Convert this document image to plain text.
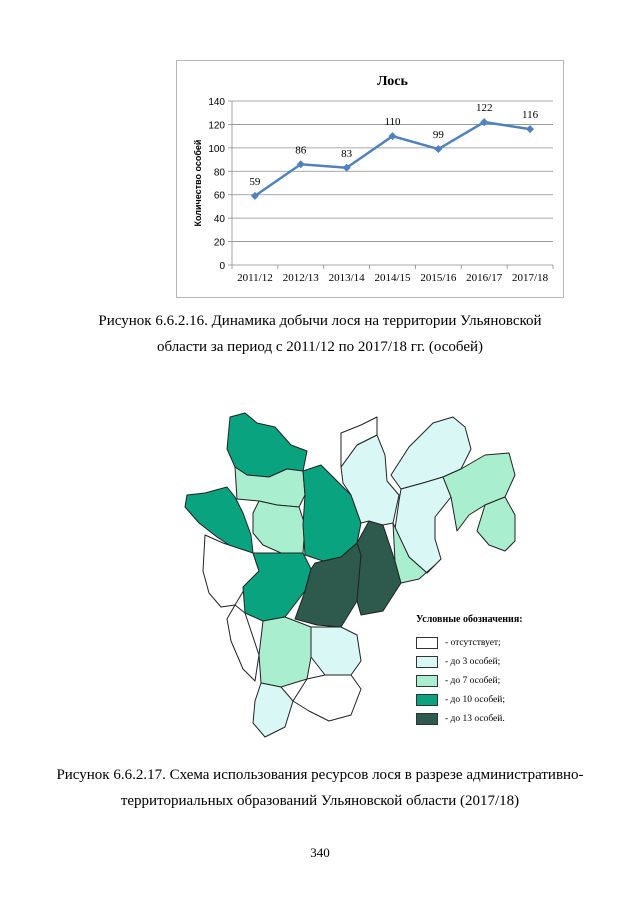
Лось
0
20
40
60
80
100
120
140
2011/12 2012/13 2013/14 2014/15 2015/16 2016/17 2017/18
Количество особей	59
86	83
110
99
122
116
Рисунок 6.6.2.16. Динамика добычи лося на территории Ульяновской
области за период с 2011/12 по 2017/18 гг. (особей)
Условные обозначения:
- отсутствует;
- до 3 особей;
- до 7 особей;
- до 10 особей;
- до 13 особей.
Рисунок 6.6.2.17. Схема использования ресурсов лося в разрезе административно-
территориальных образований Ульяновской области (2017/18)
340
